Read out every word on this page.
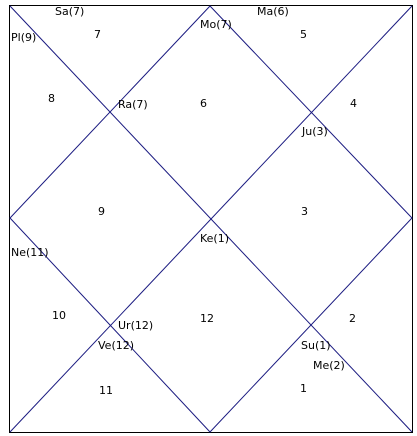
6
7
8
9
10
11
12
1
2
3
4
5
Sa(7)
Pl(9)
Mo(7)
Ma(6)
Ra(7)
Ju(3)
Ke(1)
Ne(11)
Ur(12)
Ve(12)	Su(1)
Me(2)
